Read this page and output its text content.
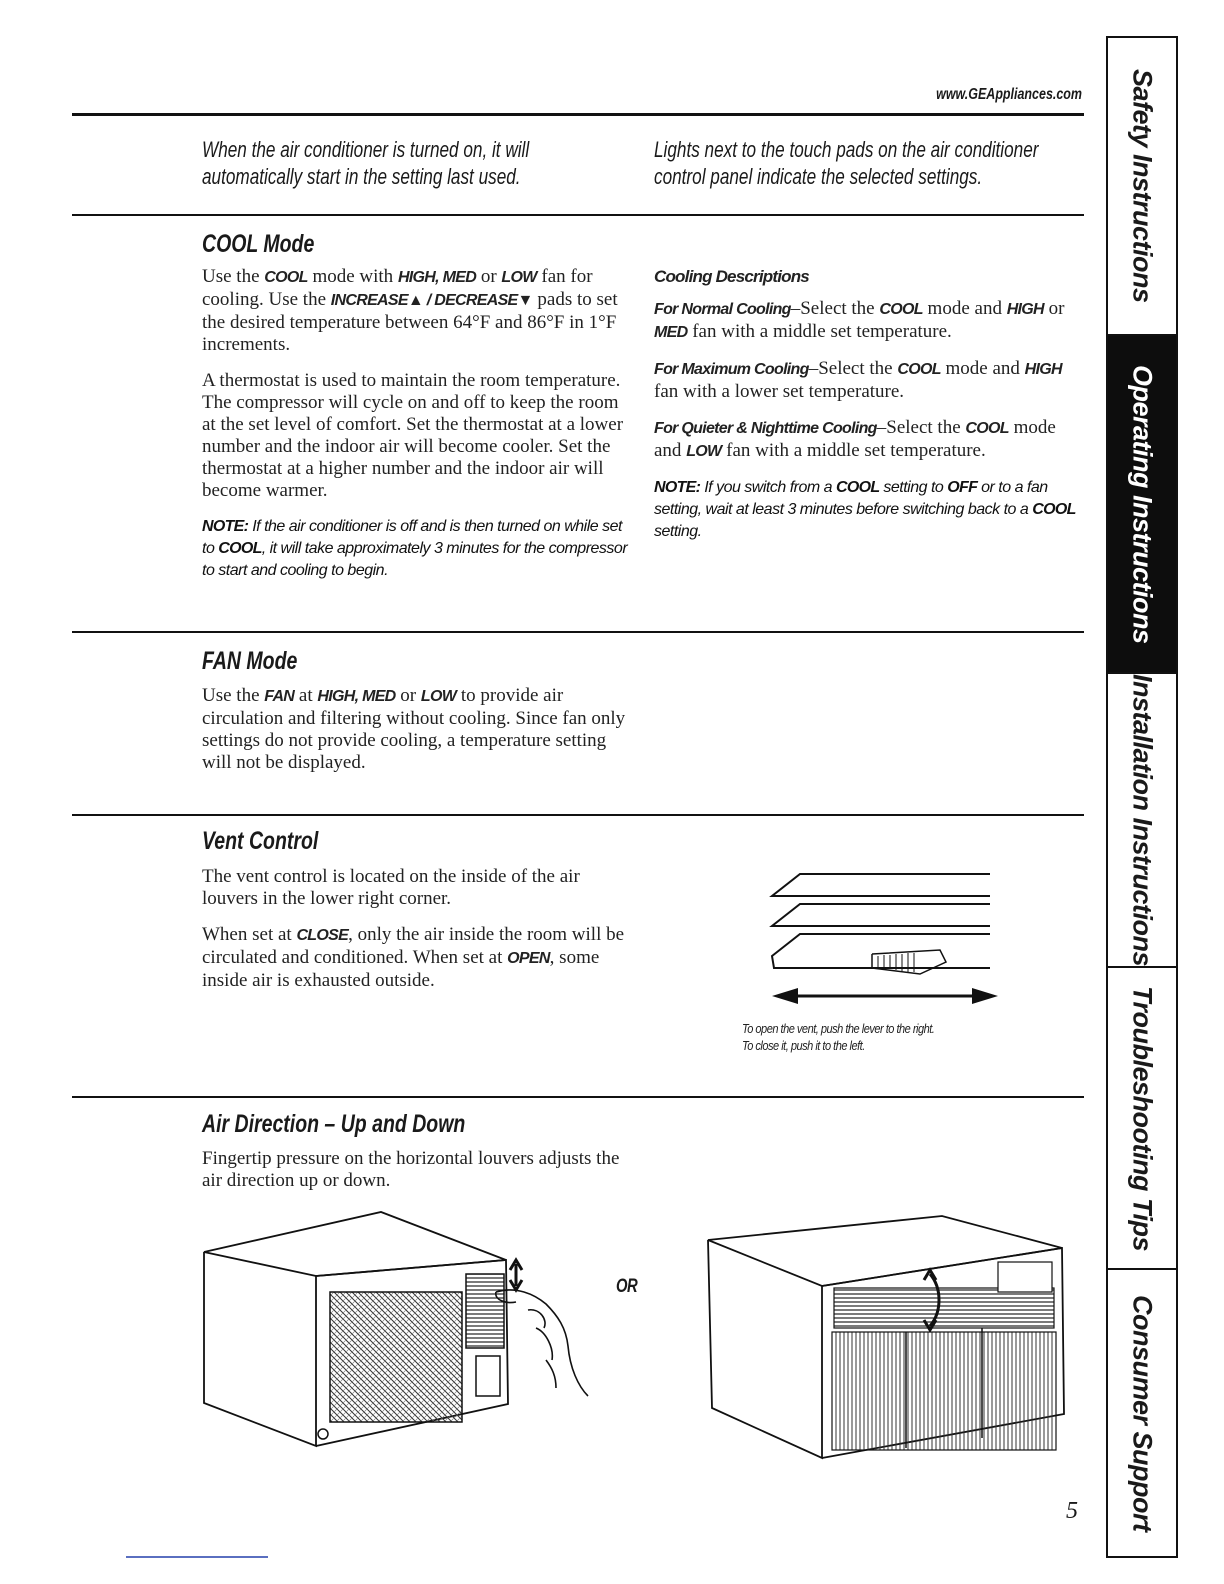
www.GEAppliances.com
When the air conditioner is turned on, it will automatically start in the setting last used.
Lights next to the touch pads on the air conditioner control panel indicate the selected settings.
COOL Mode

Use the COOL mode with HIGH, MED or LOW fan for cooling. Use the INCREASE▲ / DECREASE▼ pads to set the desired temperature between 64°F and 86°F in 1°F increments.

A thermostat is used to maintain the room temperature. The compressor will cycle on and off to keep the room at the set level of comfort. Set the thermostat at a lower number and the indoor air will become cooler. Set the thermostat at a higher number and the indoor air will become warmer.

NOTE: If the air conditioner is off and is then turned on while set to COOL, it will take approximately 3 minutes for the compressor to start and cooling to begin.

Cooling Descriptions

For Normal Cooling–Select the COOL mode and HIGH or MED fan with a middle set temperature.

For Maximum Cooling–Select the COOL mode and HIGH fan with a lower set temperature.

For Quieter & Nighttime Cooling–Select the COOL mode and LOW fan with a middle set temperature.

NOTE: If you switch from a COOL setting to OFF or to a fan setting, wait at least 3 minutes before switching back to a COOL setting.

FAN Mode

Use the FAN at HIGH, MED or LOW to provide air circulation and filtering without cooling. Since fan only settings do not provide cooling, a temperature setting will not be displayed.

Vent Control

The vent control is located on the inside of the air louvers in the lower right corner.

When set at CLOSE, only the air inside the room will be circulated and conditioned. When set at OPEN, some inside air is exhausted outside.

To open the vent, push the lever to the right.
To close it, push it to the left.
Air Direction – Up and Down

Fingertip pressure on the horizontal louvers adjusts the air direction up or down.

OR
Safety Instructions
Operating Instructions
Installation Instructions
Troubleshooting Tips
Consumer Support
5
